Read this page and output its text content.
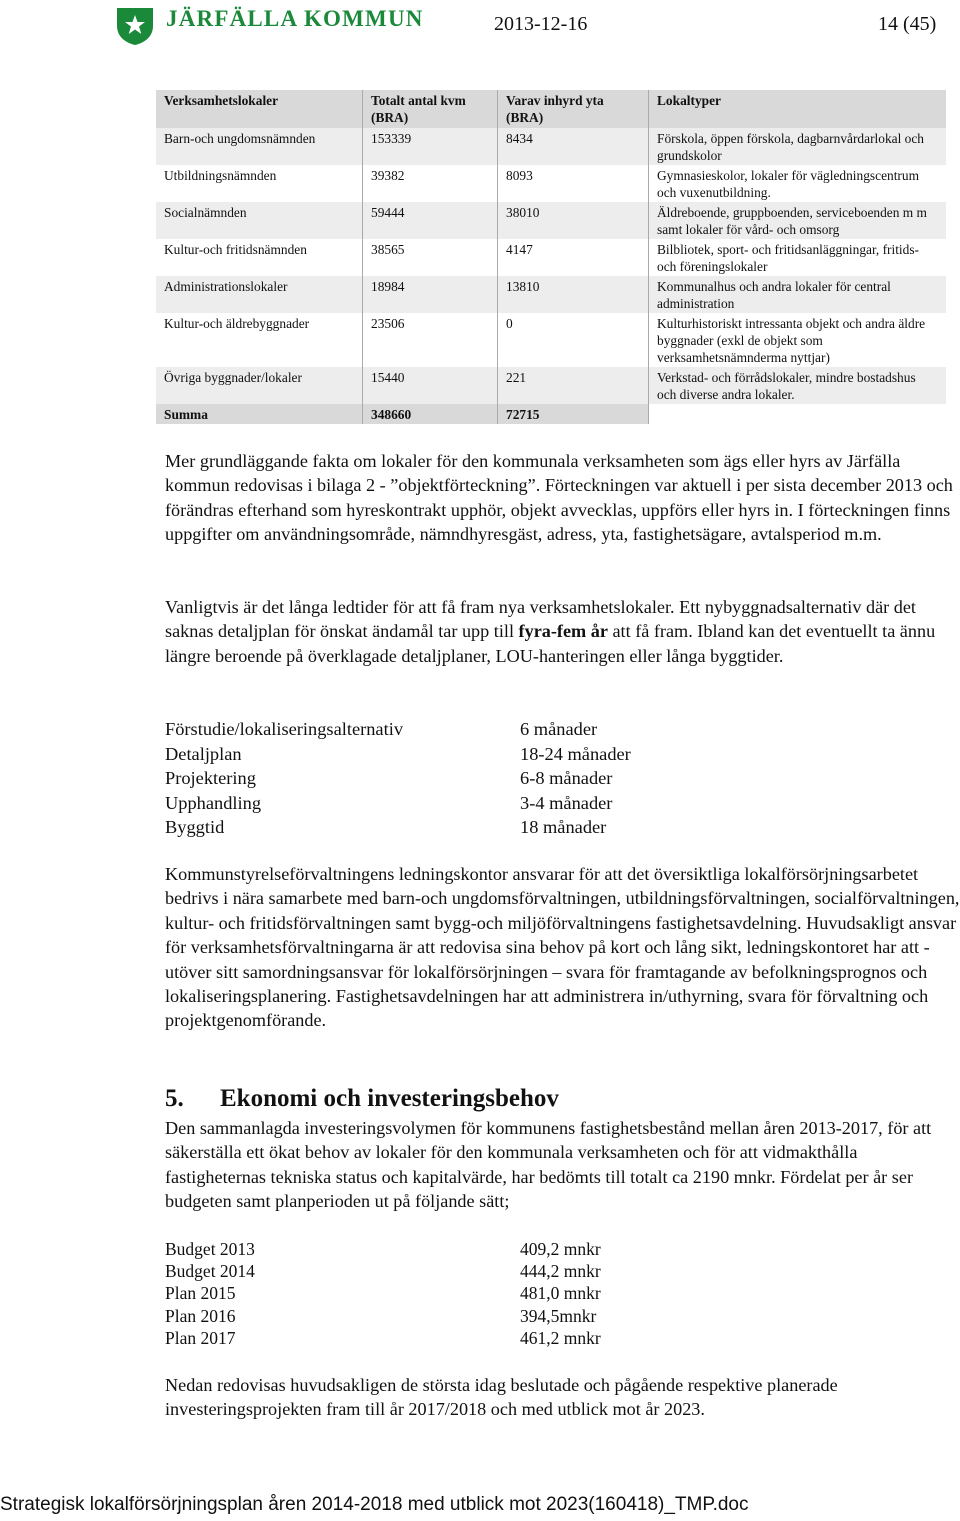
JÄRFÄLLA KOMMUN	2013-12-16	14 (45)
Verksamhetslokaler	Totalt antal kvm (BRA)	Varav inhyrd yta (BRA)	Lokaltyper
Barn-och ungdomsnämnden	153339	8434	Förskola, öppen förskola, dagbarnvårdarlokal och grundskolor
Utbildningsnämnden	39382	8093	Gymnasieskolor, lokaler för vägledningscentrum och vuxenutbildning.
Socialnämnden	59444	38010	Äldreboende, gruppboenden, serviceboenden m m samt lokaler för vård- och omsorg
Kultur-och fritidsnämnden	38565	4147	Bilbliotek, sport- och fritidsanläggningar, fritids- och föreningslokaler
Administrationslokaler	18984	13810	Kommunalhus och andra lokaler för central administration
Kultur-och äldrebyggnader	23506	0	Kulturhistoriskt intressanta objekt och andra äldre byggnader (exkl de objekt som verksamhetsnämnderma nyttjar)
Övriga byggnader/lokaler	15440	221	Verkstad- och förrådslokaler, mindre bostadshus och diverse andra lokaler.
Summa	348660	72715	
Mer grundläggande fakta om lokaler för den kommunala verksamheten som ägs eller hyrs av Järfälla kommun redovisas i bilaga 2 - ”objektförteckning”. Förteckningen var aktuell i per sista december 2013 och förändras efterhand som hyreskontrakt upphör, objekt avvecklas, uppförs eller hyrs in. I förteckningen finns uppgifter om användningsområde, nämndhyresgäst, adress, yta, fastighetsägare, avtalsperiod m.m.
Vanligtvis är det långa ledtider för att få fram nya verksamhetslokaler. Ett nybyggnadsalternativ där det saknas detaljplan för önskat ändamål tar upp till fyra-fem år att få fram. Ibland kan det eventuellt ta ännu längre beroende på överklagade detaljplaner, LOU-hanteringen eller långa byggtider.
Förstudie/lokaliseringsalternativ	6 månader
Detaljplan	18-24 månader
Projektering	6-8 månader
Upphandling	3-4 månader
Byggtid	18 månader
Kommunstyrelseförvaltningens ledningskontor ansvarar för att det översiktliga lokalförsörjningsarbetet bedrivs i nära samarbete med barn-och ungdomsförvaltningen, utbildningsförvaltningen, socialförvaltningen, kultur- och fritidsförvaltningen samt bygg-och miljöförvaltningens fastighetsavdelning. Huvudsakligt ansvar för verksamhetsförvaltningarna är att redovisa sina behov på kort och lång sikt, ledningskontoret har att - utöver sitt samordningsansvar för lokalförsörjningen – svara för framtagande av befolkningsprognos och lokaliseringsplanering. Fastighetsavdelningen har att administrera in/uthyrning, svara för förvaltning och projektgenomförande.
5. Ekonomi och investeringsbehov
Den sammanlagda investeringsvolymen för kommunens fastighetsbestånd mellan åren 2013-2017, för att säkerställa ett ökat behov av lokaler för den kommunala verksamheten och för att vidmakthålla fastigheternas tekniska status och kapitalvärde, har bedömts till totalt ca 2190 mnkr. Fördelat per år ser budgeten samt planperioden ut på följande sätt;
Budget 2013	409,2 mnkr
Budget 2014	444,2 mnkr
Plan 2015	481,0 mnkr
Plan 2016	394,5mnkr
Plan 2017	461,2 mnkr
Nedan redovisas huvudsakligen de största idag beslutade och pågående respektive planerade investeringsprojekten fram till år 2017/2018 och med utblick mot år 2023.
Strategisk lokalförsörjningsplan åren 2014-2018 med utblick mot 2023(160418)_TMP.doc
